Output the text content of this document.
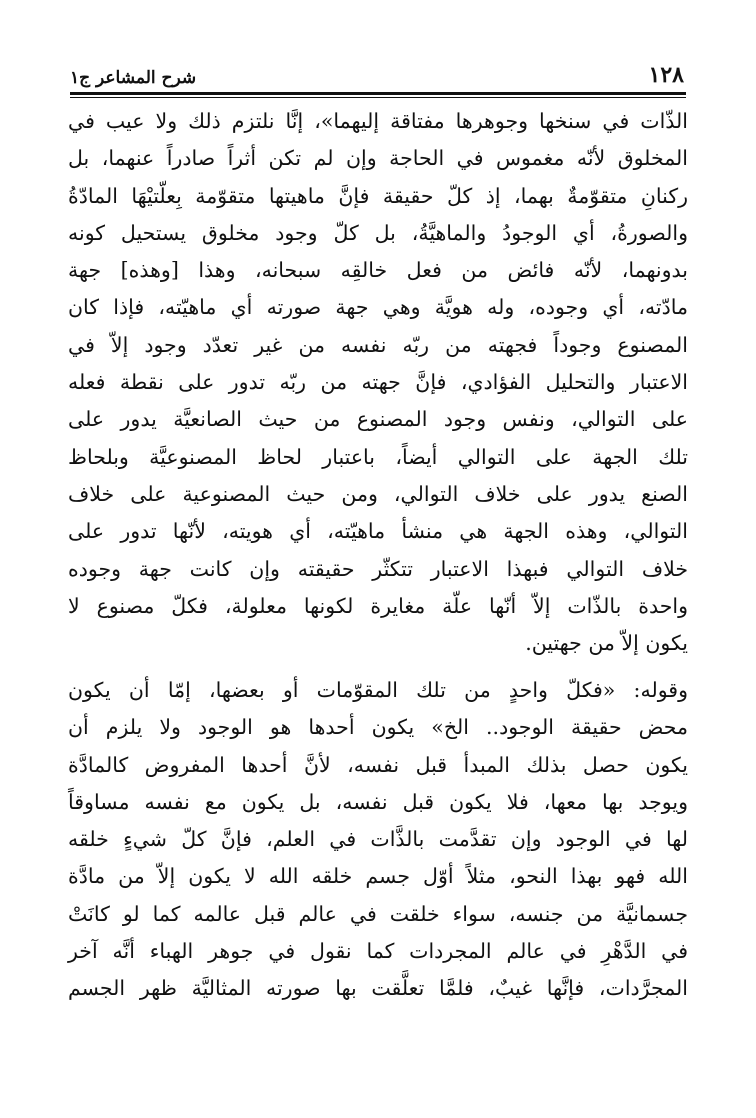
١٢٨
شرح المشاعر ج١
الذّات في سنخها وجوهرها مفتاقة إليهما»، إنَّا نلتزم ذلك ولا عيب في
المخلوق لأنّه مغموس في الحاجة وإن لم تكن أثراً صادراً عنهما، بل
ركنانِ متقوّمةٌ بهما، إذ كلّ حقيقة فإنَّ ماهيتها متقوّمة بِعلّتيْهَا المادّةُ
والصورةُ، أي الوجودُ والماهيَّةُ، بل كلّ وجود مخلوق يستحيل كونه
بدونهما، لأنّه فائض من فعل خالقِه سبحانه، وهذا [وهذه] جهة
مادّته، أي وجوده، وله هويَّة وهي جهة صورته أي ماهيّته، فإذا كان
المصنوع وجوداً فجهته من ربّه نفسه من غير تعدّد وجود إلاّ في
الاعتبار والتحليل الفؤادي، فإنَّ جهته من ربّه تدور على نقطة فعله
على التوالي، ونفس وجود المصنوع من حيث الصانعيَّة يدور على
تلك الجهة على التوالي أيضاً، باعتبار لحاظ المصنوعيَّة وبلحاظ
الصنع يدور على خلاف التوالي، ومن حيث المصنوعية على خلاف
التوالي، وهذه الجهة هي منشأ ماهيّته، أي هويته، لأنّها تدور على
خلاف التوالي فبهذا الاعتبار تتكثّر حقيقته وإن كانت جهة وجوده
واحدة بالذّات إلاّ أنّها علّة مغايرة لكونها معلولة، فكلّ مصنوع لا
يكون إلاّ من جهتين.
وقوله: «فكلّ واحدٍ من تلك المقوّمات أو بعضها، إمّا أن يكون
محض حقيقة الوجود.. الخ» يكون أحدها هو الوجود ولا يلزم أن
يكون حصل بذلك المبدأ قبل نفسه، لأنَّ أحدها المفروض كالمادَّة
ويوجد بها معها، فلا يكون قبل نفسه، بل يكون مع نفسه مساوقاً
لها في الوجود وإن تقدَّمت بالذَّات في العلم، فإنَّ كلّ شيءٍ خلقه
الله فهو بهذا النحو، مثلاً أوّل جسم خلقه الله لا يكون إلاّ من مادَّة
جسمانيَّة من جنسه، سواء خلقت في عالم قبل عالمه كما لو كانَتْ
في الدَّهْرِ في عالم المجردات كما نقول في جوهر الهباء أنَّه آخر
المجرَّدات، فإنَّها غيبٌ، فلمَّا تعلَّقت بها صورته المثاليَّة ظهر الجسم
